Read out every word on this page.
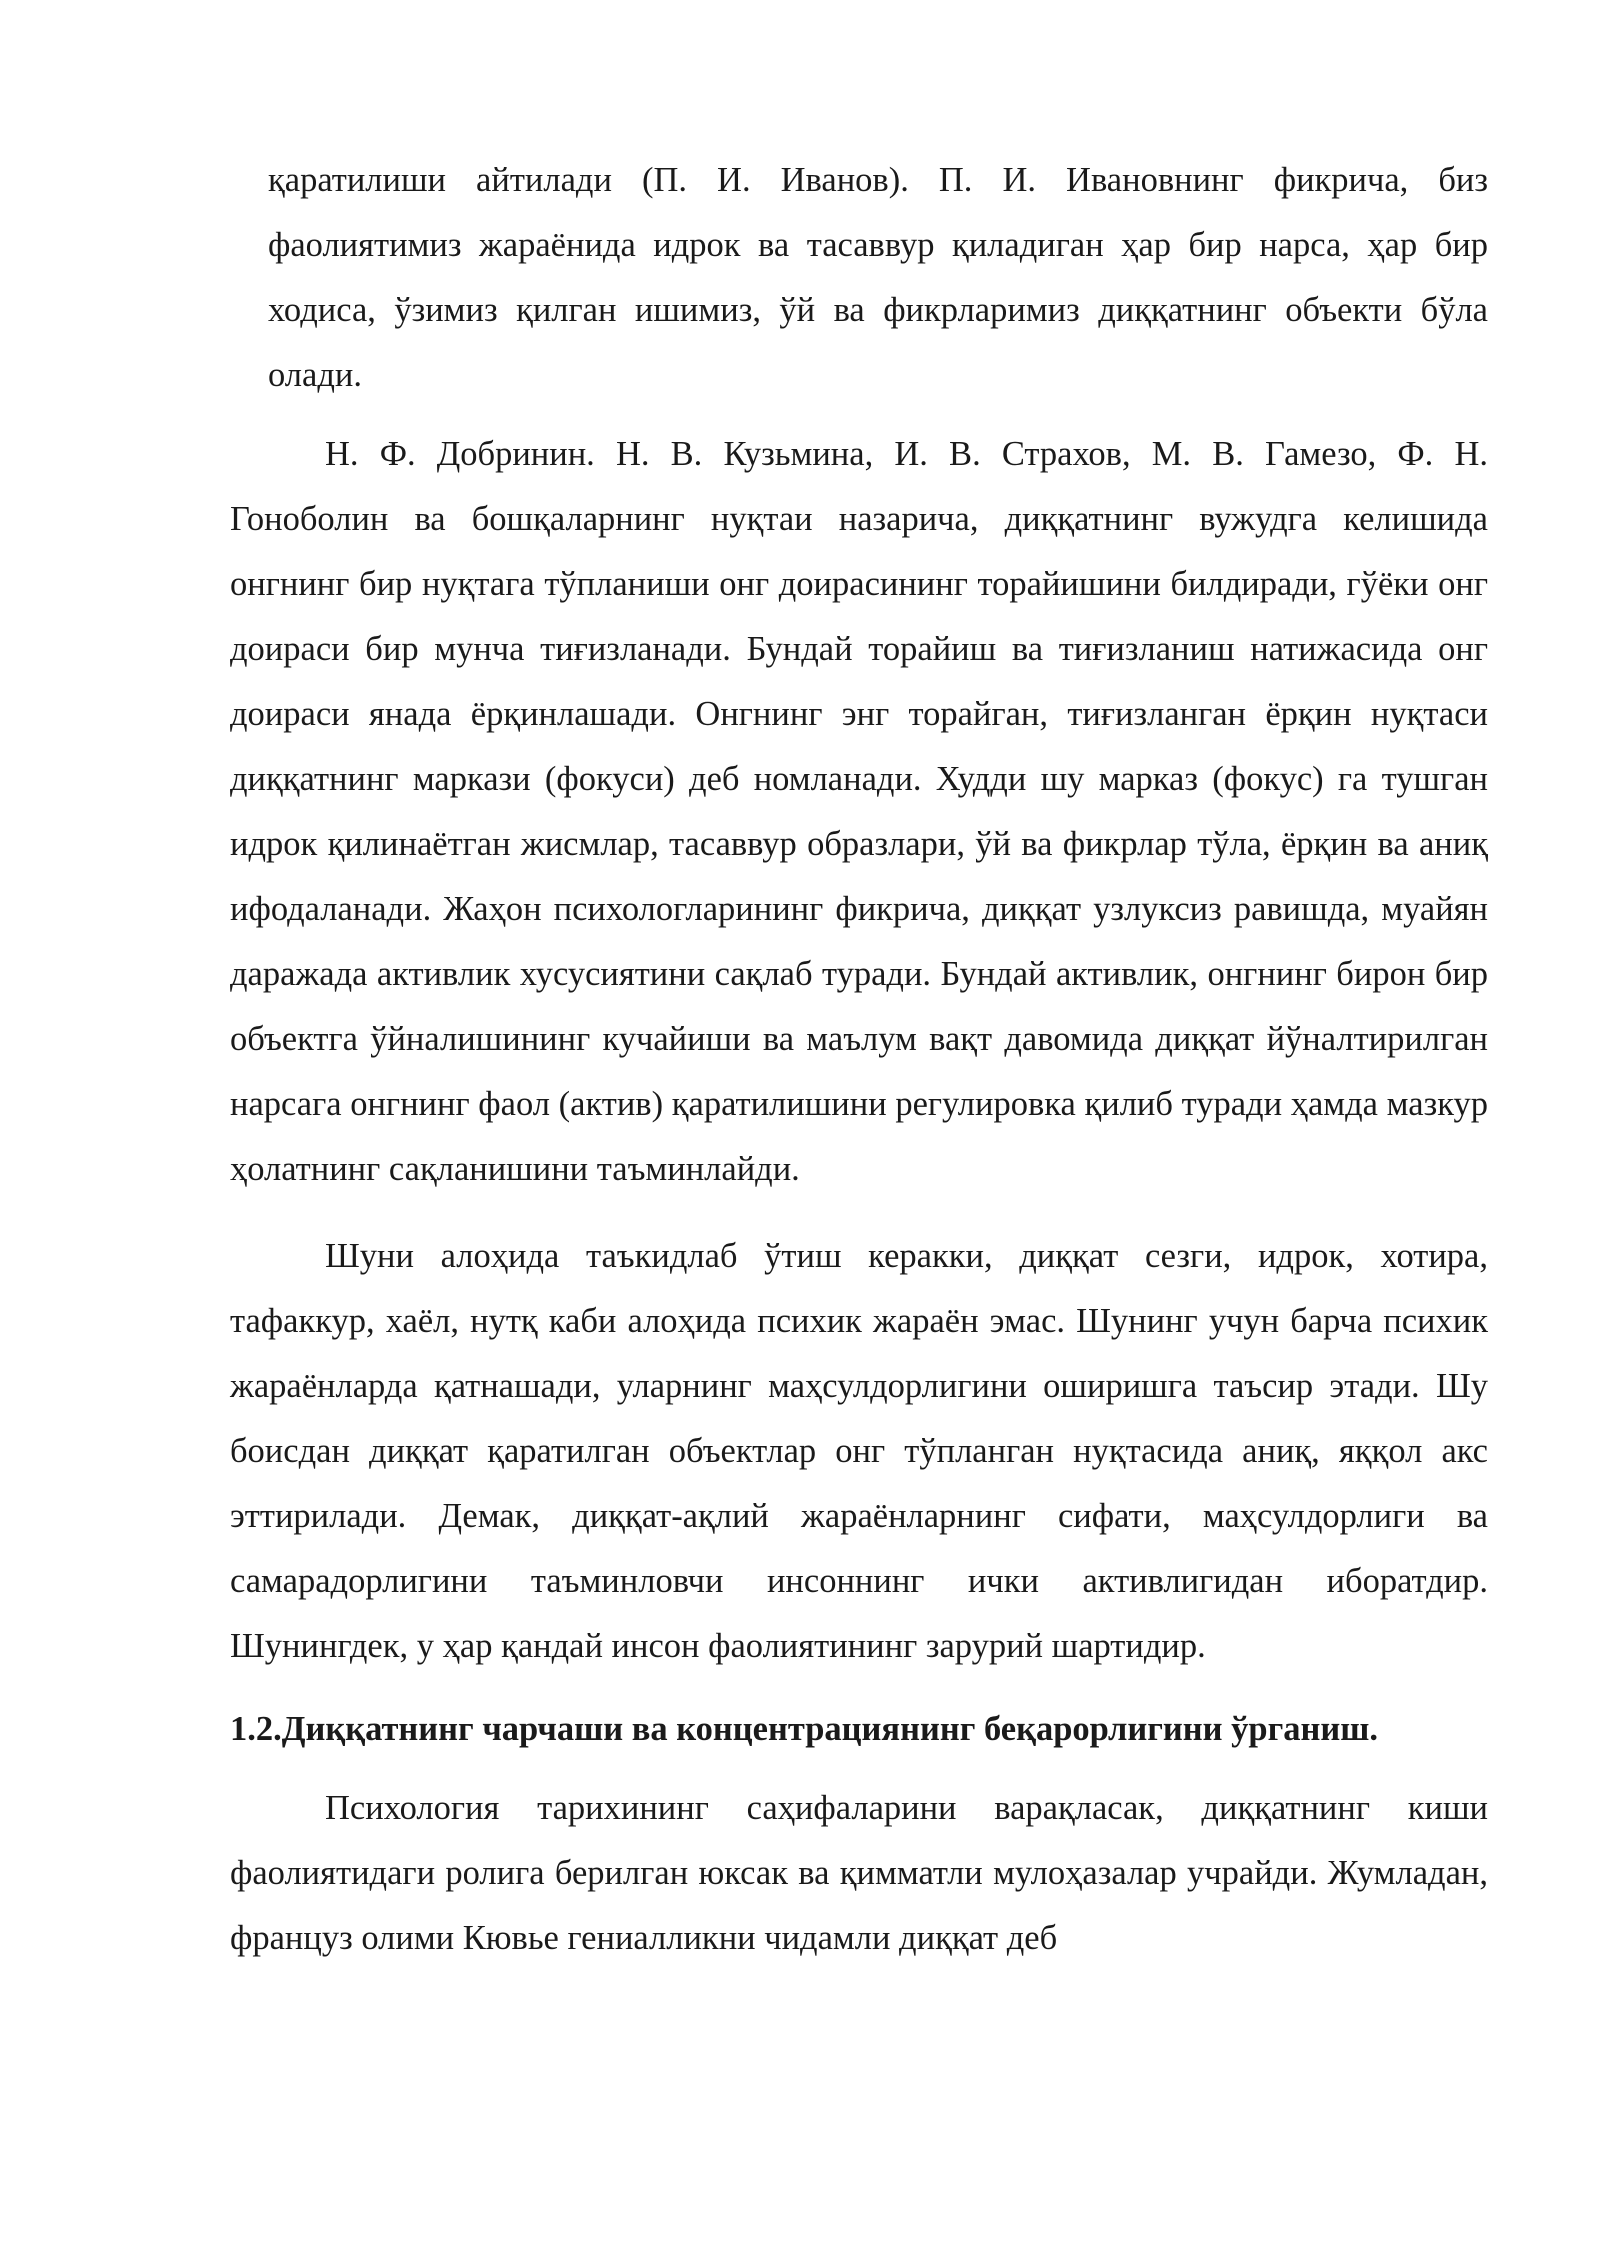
қаратилиши айтилади (П. И. Иванов). П. И. Ивановнинг фикрича, биз фаолиятимиз жараёнида идрок ва тасаввур қиладиган ҳар бир нарса, ҳар бир ходиса, ўзимиз қилган ишимиз, ўй ва фикрларимиз диққатнинг объекти бўла олади.

Н. Ф. Добринин. Н. В. Кузьмина, И. В. Страхов, М. В. Гамезо, Ф. Н. Гоноболин ва бошқаларнинг нуқтаи назарича, диққатнинг вужудга келишида онгнинг бир нуқтага тўпланиши онг доирасининг торайишини билдиради, гўёки онг доираси бир мунча тиғизланади. Бундай торайиш ва тиғизланиш натижасида онг доираси янада ёрқинлашади. Онгнинг энг торайган, тиғизланган ёрқин нуқтаси диққатнинг маркази (фокуси) деб номланади. Худди шу марказ (фокус) га тушган идрок қилинаётган жисмлар, тасаввур образлари, ўй ва фикрлар тўла, ёрқин ва аниқ ифодаланади. Жаҳон психологларининг фикрича, диққат узлуксиз равишда, муайян даражада активлик хусусиятини сақлаб туради. Бундай активлик, онгнинг бирон бир объектга ўйналишининг кучайиши ва маълум вақт давомида диққат йўналтирилган нарсага онгнинг фаол (актив) қаратилишини регулировка қилиб туради ҳамда мазкур ҳолатнинг сақланишини таъминлайди.

Шуни алоҳида таъкидлаб ўтиш керакки, диққат сезги, идрок, хотира, тафаккур, хаёл, нутқ каби алоҳида психик жараён эмас. Шунинг учун барча психик жараёнларда қатнашади, уларнинг маҳсулдорлигини оширишга таъсир этади. Шу боисдан диққат қаратилган объектлар онг тўпланган нуқтасида аниқ, яққол акс эттирилади. Демак, диққат-ақлий жараёнларнинг сифати, маҳсулдорлиги ва самарадорлигини таъминловчи инсоннинг ички активлигидан иборатдир. Шунингдек, у ҳар қандай инсон фаолиятининг зарурий шартидир.

1.2.Диққатнинг чарчаши ва концентрациянинг беқарорлигини ўрганиш.

Психология тарихининг саҳифаларини варақласак, диққатнинг киши фаолиятидаги ролига берилган юксак ва қимматли мулоҳазалар учрайди. Жумладан, француз олими Кювье гениалликни чидамли диққат деб
